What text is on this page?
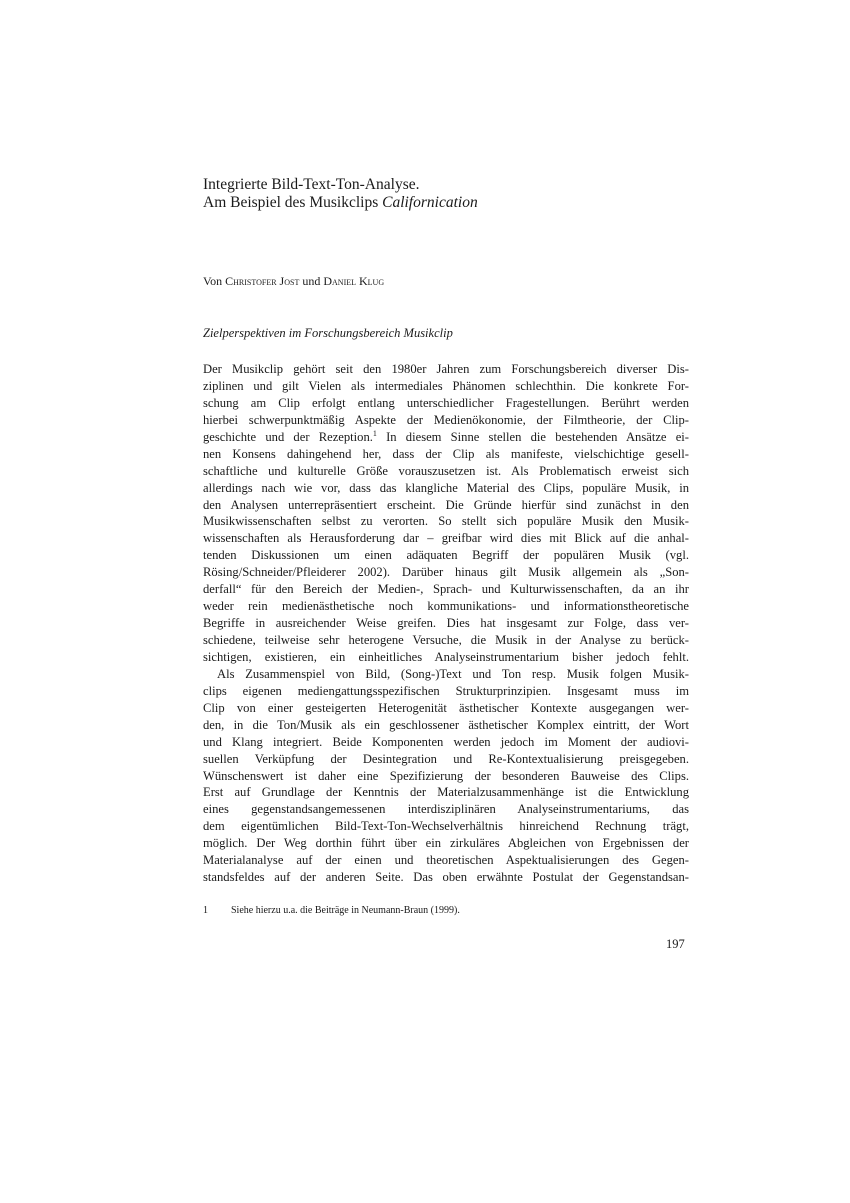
Integrierte Bild-Text-Ton-Analyse.
Am Beispiel des Musikclips Californication
Von Christofer Jost und Daniel Klug
Zielperspektiven im Forschungsbereich Musikclip

Der Musikclip gehört seit den 1980er Jahren zum Forschungsbereich diverser Dis-
ziplinen und gilt Vielen als intermediales Phänomen schlechthin. Die konkrete For-
schung am Clip erfolgt entlang unterschiedlicher Fragestellungen. Berührt werden
hierbei schwerpunktmäßig Aspekte der Medienökonomie, der Filmtheorie, der Clip-
geschichte und der Rezeption.$^1$ In diesem Sinne stellen die bestehenden Ansätze ei-
nen Konsens dahingehend her, dass der Clip als manifeste, vielschichtige gesell-
schaftliche und kulturelle Größe vorauszusetzen ist. Als Problematisch erweist sich
allerdings nach wie vor, dass das klangliche Material des Clips, populäre Musik, in
den Analysen unterrepräsentiert erscheint. Die Gründe hierfür sind zunächst in den
Musikwissenschaften selbst zu verorten. So stellt sich populäre Musik den Musik-
wissenschaften als Herausforderung dar – greifbar wird dies mit Blick auf die anhal-
tenden Diskussionen um einen adäquaten Begriff der populären Musik (vgl.
Rösing/Schneider/Pfleiderer 2002). Darüber hinaus gilt Musik allgemein als „Son-
derfall“ für den Bereich der Medien-, Sprach- und Kulturwissenschaften, da an ihr
weder rein medienästhetische noch kommunikations- und informationstheoretische
Begriffe in ausreichender Weise greifen. Dies hat insgesamt zur Folge, dass ver-
schiedene, teilweise sehr heterogene Versuche, die Musik in der Analyse zu berück-
sichtigen, existieren, ein einheitliches Analyseinstrumentarium bisher jedoch fehlt.

Als Zusammenspiel von Bild, (Song-)Text und Ton resp. Musik folgen Musik-
clips eigenen mediengattungsspezifischen Strukturprinzipien. Insgesamt muss im
Clip von einer gesteigerten Heterogenität ästhetischer Kontexte ausgegangen wer-
den, in die Ton/Musik als ein geschlossener ästhetischer Komplex eintritt, der Wort
und Klang integriert. Beide Komponenten werden jedoch im Moment der audiovi-
suellen Verküpfung der Desintegration und Re-Kontextualisierung preisgegeben.
Wünschenswert ist daher eine Spezifizierung der besonderen Bauweise des Clips.
Erst auf Grundlage der Kenntnis der Materialzusammenhänge ist die Entwicklung
eines gegenstandsangemessenen interdisziplinären Analyseinstrumentariums, das
dem eigentümlichen Bild-Text-Ton-Wechselverhältnis hinreichend Rechnung trägt,
möglich. Der Weg dorthin führt über ein zirkuläres Abgleichen von Ergebnissen der
Materialanalyse auf der einen und theoretischen Aspektualisierungen des Gegen-
standsfeldes auf der anderen Seite. Das oben erwähnte Postulat der Gegenstandsan-

1 Siehe hierzu u.a. die Beiträge in Neumann-Braun (1999).
197
